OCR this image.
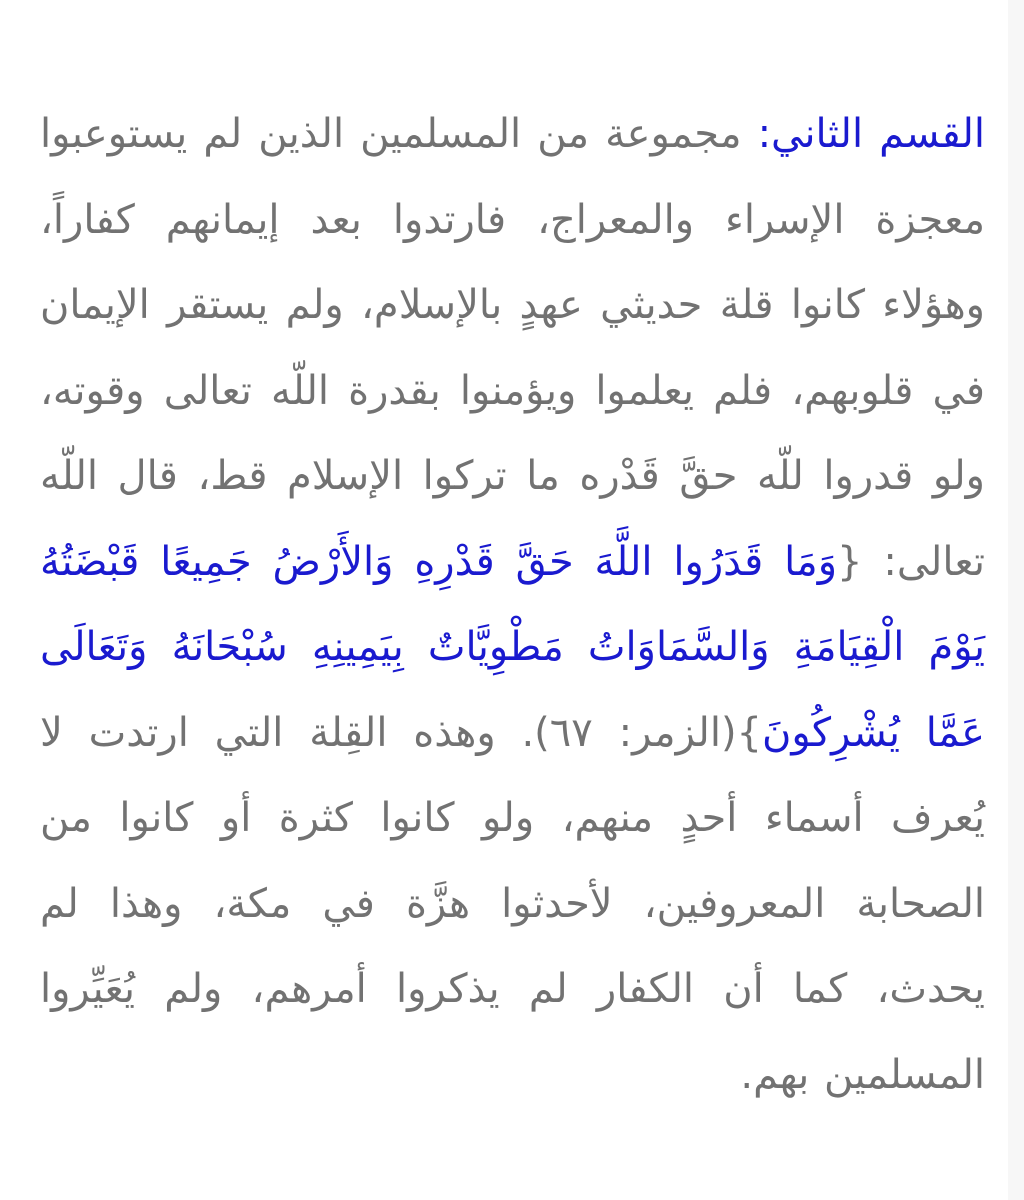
القسم الثاني: مجموعة من المسلمين الذين لم يستوعبوا معجزة الإسراء والمعراج، فارتدوا بعد إيمانهم كفاراً، وهؤلاء كانوا قلة حديثي عهدٍ بالإسلام، ولم يستقر الإيمان في قلوبهم، فلم يعلموا ويؤمنوا بقدرة اللّه تعالى وقوته، ولو قدروا للّه حقَّ قَدْره ما تركوا الإسلام قط، قال اللّه تعالى: {وَمَا قَدَرُوا اللَّهَ حَقَّ قَدْرِهِ وَالأَرْضُ جَمِيعًا قَبْضَتُهُ يَوْمَ الْقِيَامَةِ وَالسَّمَاوَاتُ مَطْوِيَّاتٌ بِيَمِينِهِ سُبْحَانَهُ وَتَعَالَى عَمَّا يُشْرِكُونَ}(الزمر: ٦٧). وهذه القِلة التي ارتدت لا يُعرف أسماء أحدٍ منهم، ولو كانوا كثرة أو كانوا من الصحابة المعروفين، لأحدثوا هزَّة في مكة، وهذا لم يحدث، كما أن الكفار لم يذكروا أمرهم، ولم يُعَيِّروا المسلمين بهم.
